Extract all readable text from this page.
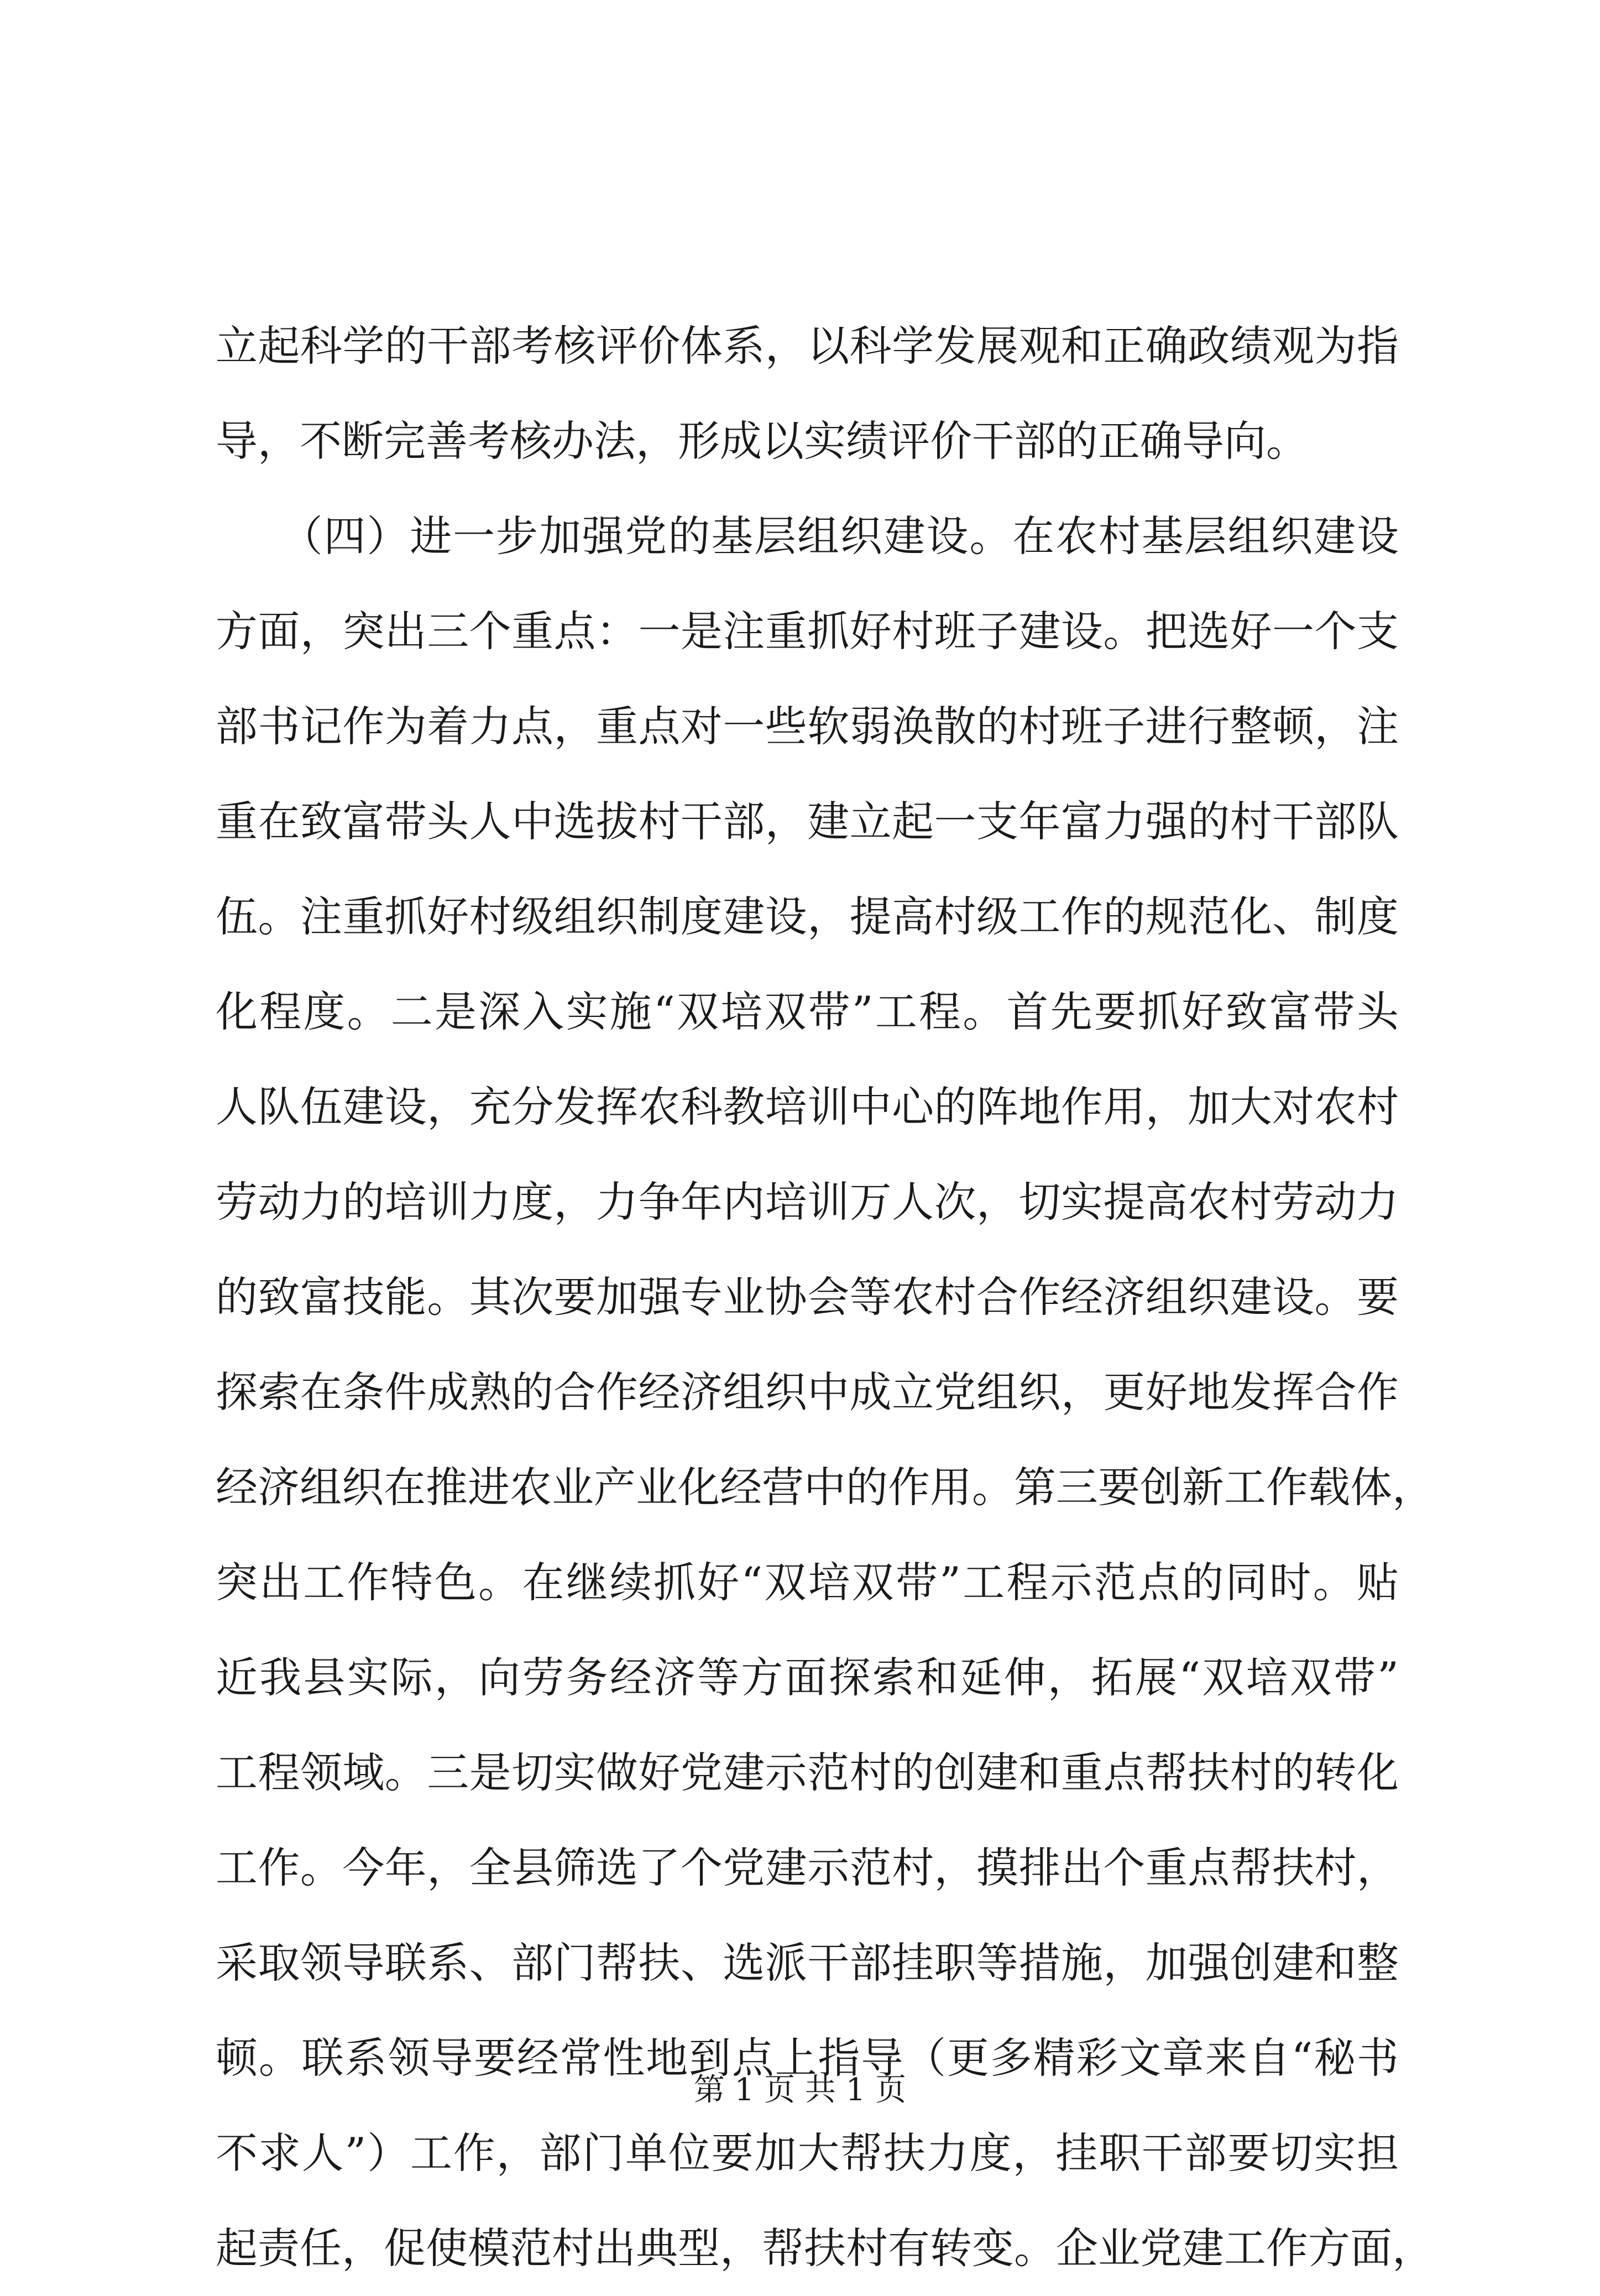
立起科学的干部考核评价体系，以科学发展观和正确政绩观为指
导，不断完善考核办法，形成以实绩评价干部的正确导向。
　　（四）进一步加强党的基层组织建设。在农村基层组织建设
方面，突出三个重点：一是注重抓好村班子建设。把选好一个支
部书记作为着力点，重点对一些软弱涣散的村班子进行整顿，注
重在致富带头人中选拔村干部，建立起一支年富力强的村干部队
伍。注重抓好村级组织制度建设，提高村级工作的规范化、制度
化程度。二是深入实施“双培双带”工程。首先要抓好致富带头
人队伍建设，充分发挥农科教培训中心的阵地作用，加大对农村
劳动力的培训力度，力争年内培训万人次，切实提高农村劳动力
的致富技能。其次要加强专业协会等农村合作经济组织建设。要
探索在条件成熟的合作经济组织中成立党组织，更好地发挥合作
经济组织在推进农业产业化经营中的作用。第三要创新工作载体，
突出工作特色。在继续抓好“双培双带”工程示范点的同时。贴
近我县实际，向劳务经济等方面探索和延伸，拓展“双培双带”
工程领域。三是切实做好党建示范村的创建和重点帮扶村的转化
工作。今年，全县筛选了个党建示范村，摸排出个重点帮扶村，
采取领导联系、部门帮扶、选派干部挂职等措施，加强创建和整
顿。联系领导要经常性地到点上指导（更多精彩文章来自“秘书
不求人”）工作，部门单位要加大帮扶力度，挂职干部要切实担
起责任，促使模范村出典型，帮扶村有转变。企业党建工作方面，
第 1 页 共 1 页
